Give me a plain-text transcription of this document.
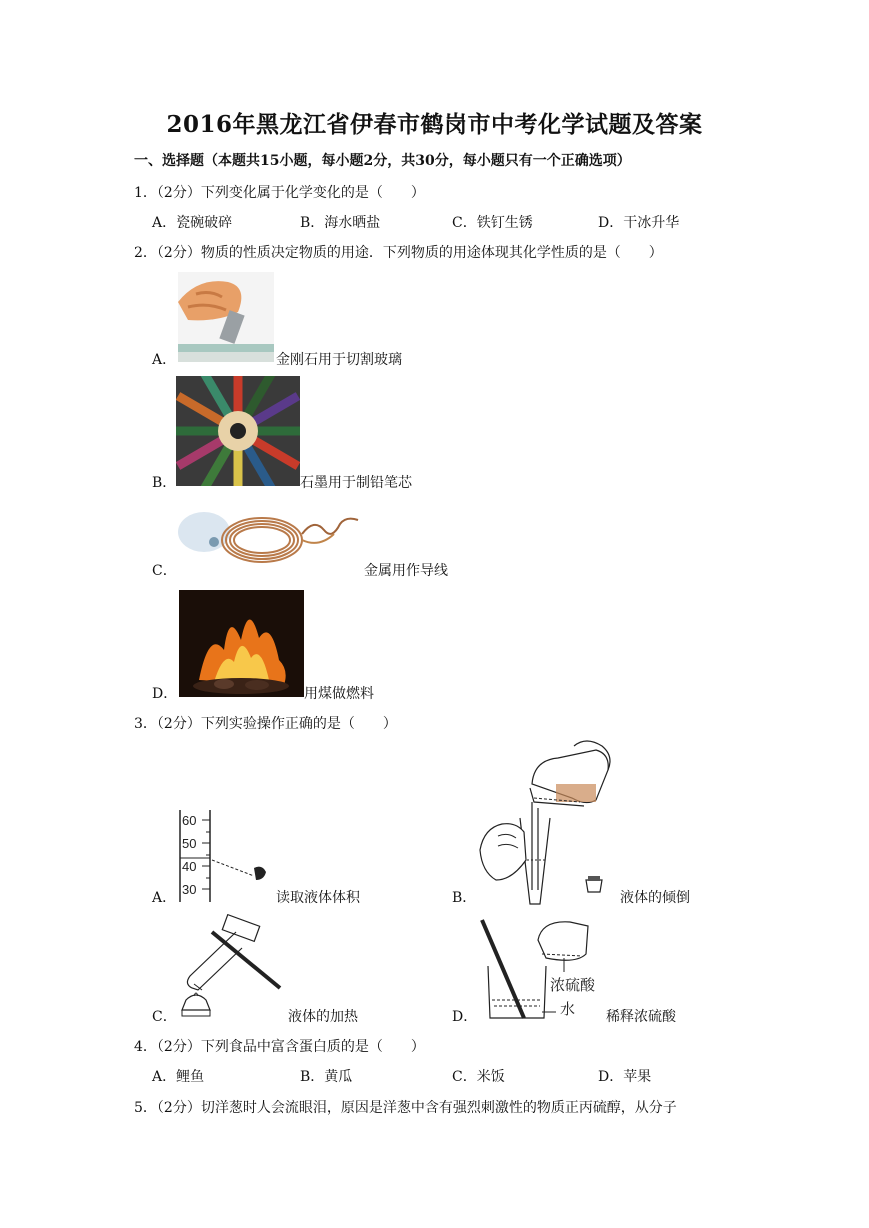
2016年黑龙江省伊春市鹤岗市中考化学试题及答案
一、选择题（本题共15小题，每小题2分，共30分，每小题只有一个正确选项）
1．（2分）下列变化属于化学变化的是（　　）
A．瓷碗破碎	B．海水晒盐	C．铁钉生锈	D．干冰升华
2．（2分）物质的性质决定物质的用途．下列物质的用途体现其化学性质的是（　　）
A．	金刚石用于切割玻璃
B．	石墨用于制铅笔芯
C．	金属用作导线
D．	用煤做燃料
3．（2分）下列实验操作正确的是（　　）
60
50
40
30
A．	读取液体体积	B．	液体的倾倒
C．	液体的加热
浓硫酸
水
D．	稀释浓硫酸
4．（2分）下列食品中富含蛋白质的是（　　）
A．鲤鱼	B．黄瓜	C．米饭	D．苹果
5．（2分）切洋葱时人会流眼泪，原因是洋葱中含有强烈刺激性的物质正丙硫醇，从分子
